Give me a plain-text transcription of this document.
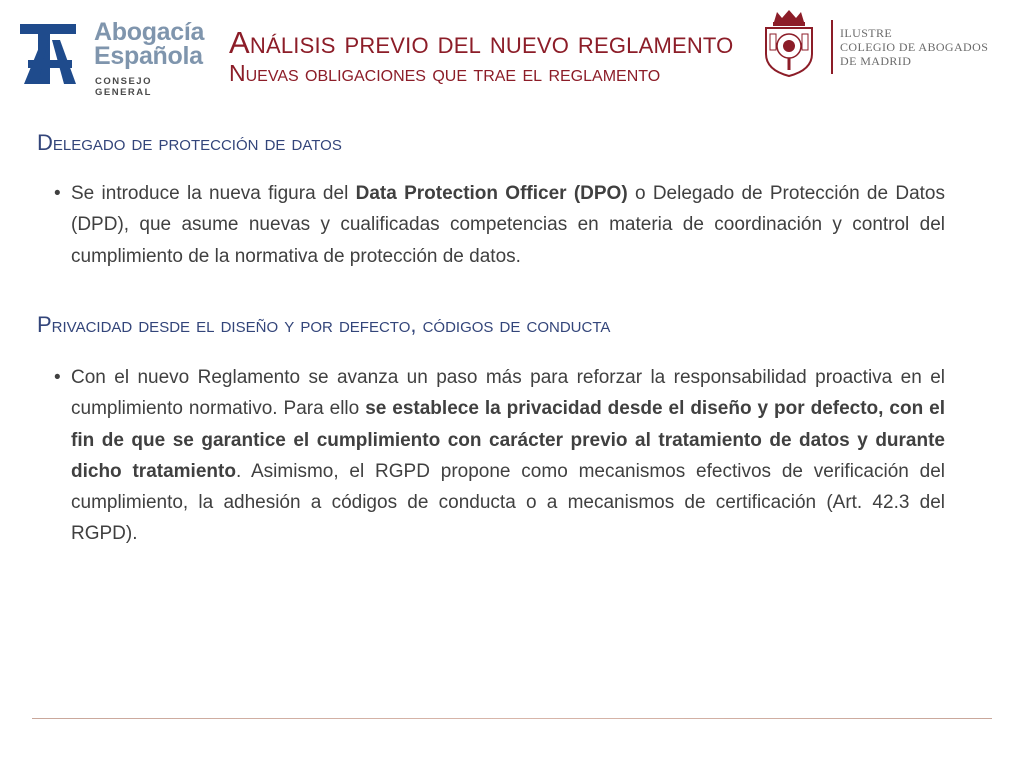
Abogacía
Española
CONSEJO GENERAL
Análisis previo del nuevo reglamento
Nuevas obligaciones que trae el reglamento
ILUSTRE
COLEGIO DE ABOGADOS
DE MADRID
Delegado de protección de datos
• Se introduce la nueva figura del Data Protection Officer (DPO) o Delegado de Protección de Datos (DPD), que asume nuevas y cualificadas competencias en materia de coordinación y control del cumplimiento de la normativa de protección de datos.
Privacidad desde el diseño y por defecto, códigos de conducta
• Con el nuevo Reglamento se avanza un paso más para reforzar la responsabilidad proactiva en el cumplimiento normativo. Para ello se establece la privacidad desde el diseño y por defecto, con el fin de que se garantice el cumplimiento con carácter previo al tratamiento de datos y durante dicho tratamiento. Asimismo, el RGPD propone como mecanismos efectivos de verificación del cumplimiento, la adhesión a códigos de conducta o a mecanismos de certificación (Art. 42.3 del RGPD).
